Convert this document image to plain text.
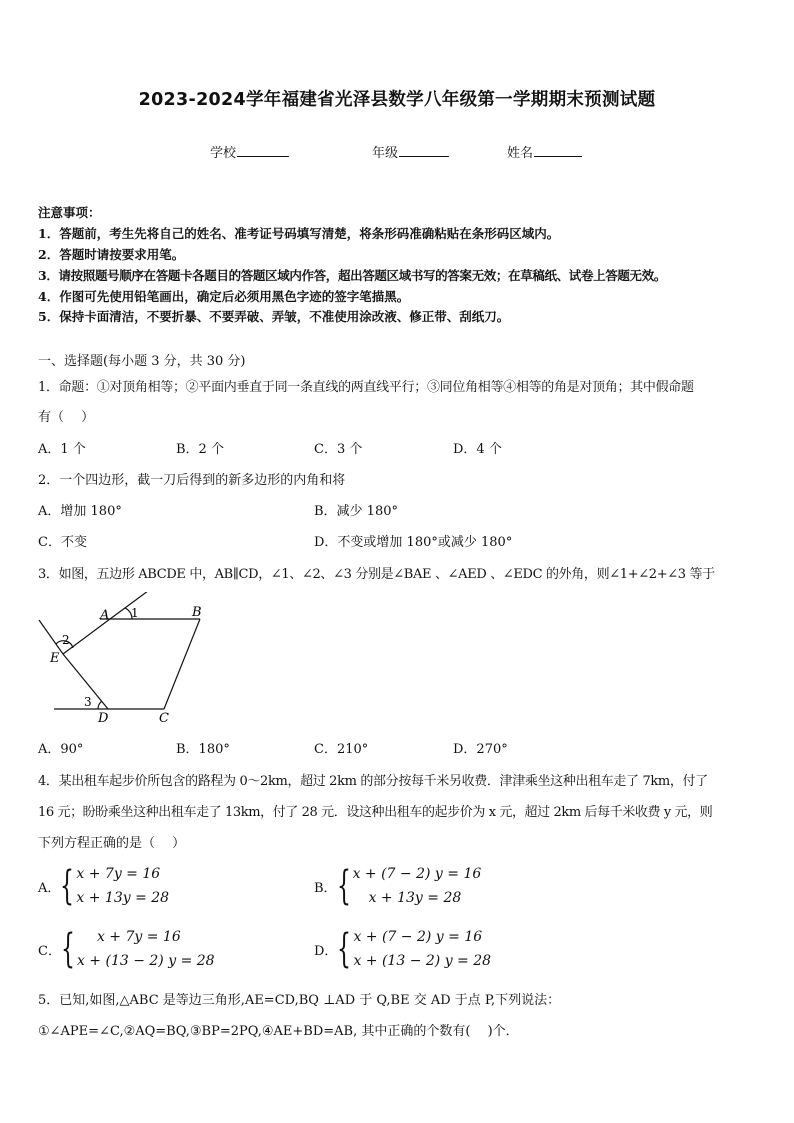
2023-2024学年福建省光泽县数学八年级第一学期期末预测试题
学校	年级	姓名
注意事项：
1．答题前，考生先将自己的姓名、准考证号码填写清楚，将条形码准确粘贴在条形码区域内。
2．答题时请按要求用笔。
3．请按照题号顺序在答题卡各题目的答题区域内作答，超出答题区域书写的答案无效；在草稿纸、试卷上答题无效。
4．作图可先使用铅笔画出，确定后必须用黑色字迹的签字笔描黑。
5．保持卡面清洁，不要折暴、不要弄破、弄皱，不准使用涂改液、修正带、刮纸刀。
一、选择题(每小题 3 分，共 30 分)
1．命题：①对顶角相等；②平面内垂直于同一条直线的两直线平行；③同位角相等④相等的角是对顶角；其中假命题
有（　 ）
A．1 个	B．2 个	C．3 个	D．4 个
2．一个四边形，截一刀后得到的新多边形的内角和将
A．增加 180°	B．减少 180°
C．不变	D．不变或增加 180°或减少 180°
3．如图，五边形 ABCDE 中，AB∥CD，∠1、∠2、∠3 分别是∠BAE 、∠AED 、∠EDC 的外角，则∠1+∠2+∠3 等于
A	B
C
D
E
1
2
3
A．90°	B．180°	C．210°	D．270°
4．某出租车起步价所包含的路程为 0～2km，超过 2km 的部分按每千米另收费．津津乘坐这种出租车走了 7km，付了
16 元；盼盼乘坐这种出租车走了 13km，付了 28 元．设这种出租车的起步价为 x 元，超过 2km 后每千米收费 y 元，则
下列方程正确的是（　 ）
A． { x + 7y = 16
x + 13y = 28
B． { x + (7 − 2) y = 16
x + 13y = 28
C． {	x + 7y = 16
x + (13 − 2) y = 28
D． { x + (7 − 2) y = 16
x + (13 − 2) y = 28
5．已知,如图,△ABC 是等边三角形,AE=CD,BQ ⊥AD 于 Q,BE 交 AD 于点 P,下列说法：
①∠APE=∠C,②AQ=BQ,③BP=2PQ,④AE+BD=AB, 其中正确的个数有(　 )个．
